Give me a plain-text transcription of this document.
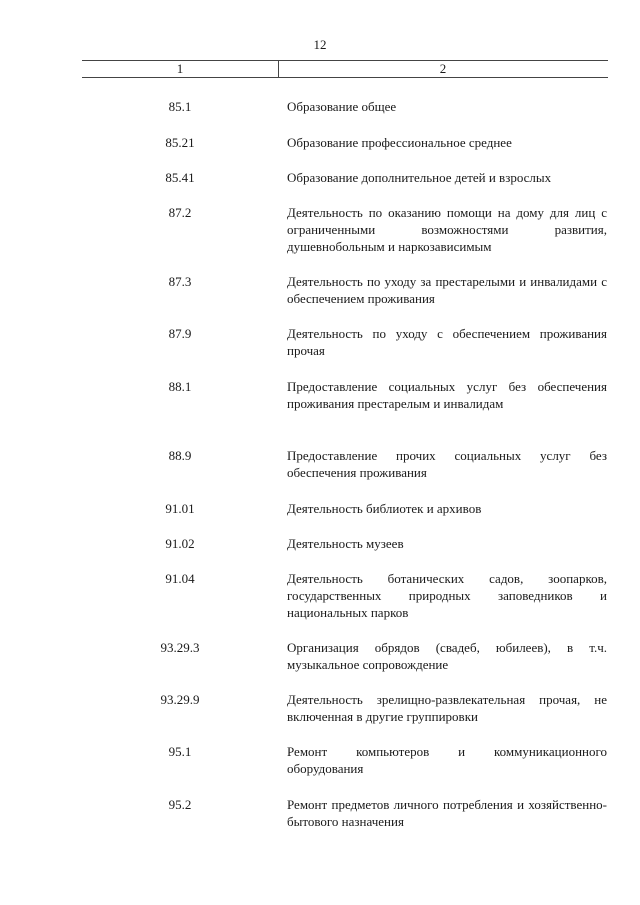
12
1	2
85.1	Образование общее
85.21	Образование профессиональное среднее
85.41	Образование дополнительное детей и взрослых
87.2	Деятельность по оказанию помощи на дому для лиц с ограниченными возможностями развития, душевнобольным и наркозависимым
87.3	Деятельность по уходу за престарелыми и инвалидами с обеспечением проживания
87.9	Деятельность по уходу с обеспечением проживания прочая
88.1	Предоставление социальных услуг без обеспечения проживания престарелым и инвалидам
88.9	Предоставление прочих социальных услуг без обеспечения проживания
91.01	Деятельность библиотек и архивов
91.02	Деятельность музеев
91.04	Деятельность ботанических садов, зоопарков, государственных природных заповедников и национальных парков
93.29.3	Организация обрядов (свадеб, юбилеев), в т.ч. музыкальное сопровождение
93.29.9	Деятельность зрелищно-развлекательная прочая, не включенная в другие группировки
95.1	Ремонт компьютеров и коммуникационного оборудования
95.2	Ремонт предметов личного потребления и хозяйственно-бытового назначения
